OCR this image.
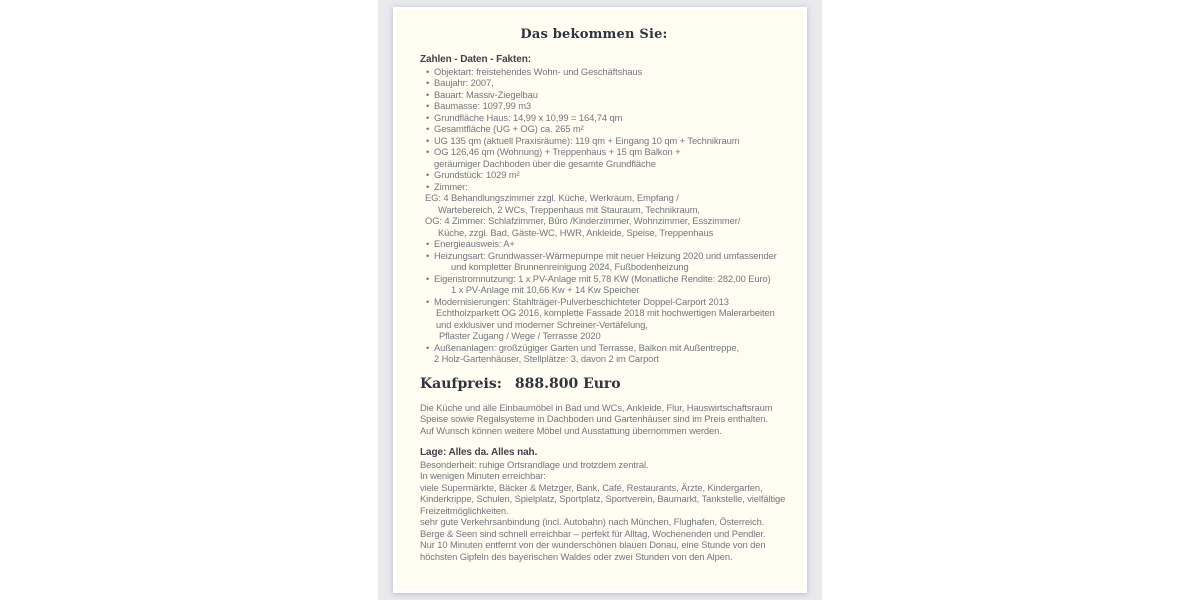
Das bekommen Sie:
Zahlen - Daten - Fakten:
• Objektart: freistehendes Wohn- und Geschäftshaus
• Baujahr: 2007,
• Bauart: Massiv-Ziegelbau
• Baumasse: 1097,99 m3
• Grundfläche Haus: 14,99 x 10,99 = 164,74 qm
• Gesamtfläche (UG + OG) ca. 265 m²
• UG 135 qm (aktuell Praxisräume): 119 qm + Eingang 10 qm + Technikraum
• OG 126,46 qm (Wohnung) + Treppenhaus + 15 qm Balkon +
geräumiger Dachboden über die gesamte Grundfläche
• Grundstück: 1029 m²
• Zimmer:
EG: 4 Behandlungszimmer zzgl. Küche, Werkraum, Empfang /
Wartebereich, 2 WCs, Treppenhaus mit Stauraum, Technikraum,
OG: 4 Zimmer: Schlafzimmer, Büro /Kinderzimmer, Wohnzimmer, Esszimmer/
Küche, zzgl. Bad, Gäste-WC, HWR, Ankleide, Speise, Treppenhaus
• Energieausweis: A+
• Heizungsart: Grundwasser-Wärmepumpe mit neuer Heizung 2020 und umfassender
und kompletter Brunnenreinigung 2024, Fußbodenheizung
• Eigenstromnutzung: 1 x PV-Anlage mit 5,78 KW (Monatliche Rendite: 282,00 Euro)
1 x PV-Anlage mit 10,66 Kw + 14 Kw Speicher
• Modernisierungen: Stahlträger-Pulverbeschichteter Doppel-Carport 2013
Echtholzparkett OG 2016, komplette Fassade 2018 mit hochwertigen Malerarbeiten
und exklusiver und moderner Schreiner-Vertäfelung,
Pflaster Zugang / Wege / Terrasse 2020
• Außenanlagen: großzügiger Garten und Terrasse, Balkon mit Außentreppe,
2 Holz-Gartenhäuser, Stellplätze: 3, davon 2 im Carport
Kaufpreis: 888.800 Euro
Die Küche und alle Einbaumöbel in Bad und WCs, Ankleide, Flur, Hauswirtschaftsraum
Speise sowie Regalsysteme in Dachboden und Gartenhäuser sind im Preis enthalten.
Auf Wunsch können weitere Möbel und Ausstattung übernommen werden.
Lage: Alles da. Alles nah.
Besonderheit: ruhige Ortsrandlage und trotzdem zentral.
In wenigen Minuten erreichbar:
viele Supermärkte, Bäcker & Metzger, Bank, Café, Restaurants, Ärzte, Kindergarten,
Kinderkrippe, Schulen, Spielplatz, Sportplatz, Sportverein, Baumarkt, Tankstelle, vielfältige
Freizeitmöglichkeiten.
sehr gute Verkehrsanbindung (incl. Autobahn) nach München, Flughafen, Österreich.
Berge & Seen sind schnell erreichbar – perfekt für Alltag, Wochenenden und Pendler.
Nur 10 Minuten entfernt von der wunderschönen blauen Donau, eine Stunde von den
höchsten Gipfeln des bayerischen Waldes oder zwei Stunden von den Alpen.
